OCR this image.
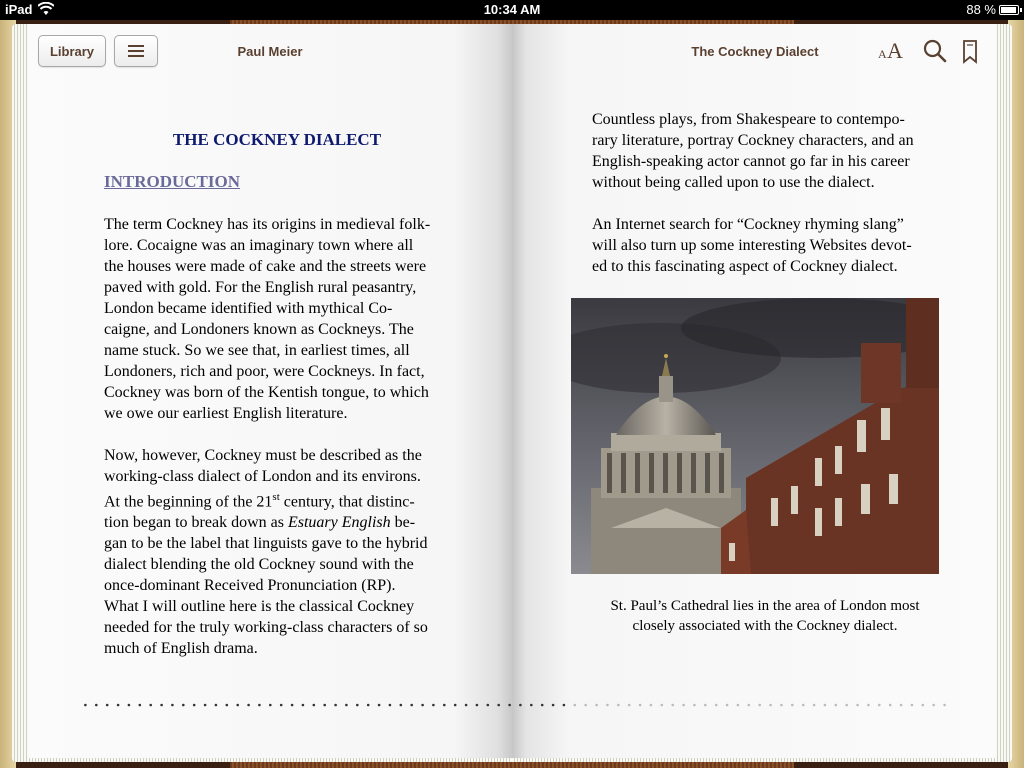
iPad	10:34 AM	88 %
Library	Paul Meier	The Cockney Dialect	A A
THE COCKNEY DIALECT
INTRODUCTION
The term Cockney has its origins in medieval folk-
lore. Cocaigne was an imaginary town where all
the houses were made of cake and the streets were
paved with gold. For the English rural peasantry,
London became identified with mythical Co-
caigne, and Londoners known as Cockneys. The
name stuck. So we see that, in earliest times, all
Londoners, rich and poor, were Cockneys. In fact,
Cockney was born of the Kentish tongue, to which
we owe our earliest English literature.
Now, however, Cockney must be described as the
working-class dialect of London and its environs.
At the beginning of the 21st century, that distinc-
tion began to break down as Estuary English be-
gan to be the label that linguists gave to the hybrid
dialect blending the old Cockney sound with the
once-dominant Received Pronunciation (RP).
What I will outline here is the classical Cockney
needed for the truly working-class characters of so
much of English drama.
Countless plays, from Shakespeare to contempo-
rary literature, portray Cockney characters, and an
English-speaking actor cannot go far in his career
without being called upon to use the dialect.
An Internet search for “Cockney rhyming slang”
will also turn up some interesting Websites devot-
ed to this fascinating aspect of Cockney dialect.
St. Paul’s Cathedral lies in the area of London most
closely associated with the Cockney dialect.
